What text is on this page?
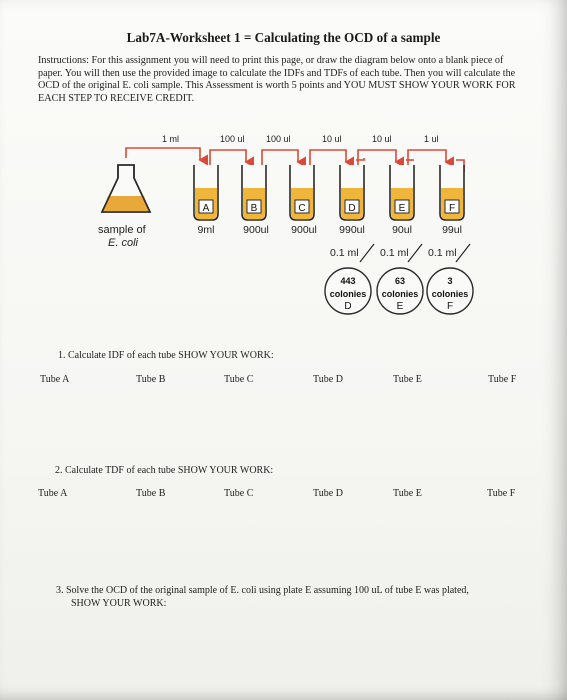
Lab7A-Worksheet 1 = Calculating the OCD of a sample
Instructions: For this assignment you will need to print this page, or draw the diagram below onto a blank piece of paper. You will then use the provided image to calculate the IDFs and TDFs of each tube. Then you will calculate the OCD of the original E. coli sample. This Assessment is worth 5 points and YOU MUST SHOW YOUR WORK FOR EACH STEP TO RECEIVE CREDIT.
1 ml	100 ul 100 ul	10 ul	10 ul	1 ul
sample of
E. coli
A	B	C	D	E	F
9ml	900ul 900ul 990ul	90ul	99ul
0.1 ml 0.1 ml 0.1 ml
443
colonies
D
63
colonies
E
3
colonies
F
1. Calculate IDF of each tube SHOW YOUR WORK:
Tube A	Tube B	Tube C	Tube D	Tube E	Tube F
2. Calculate TDF of each tube SHOW YOUR WORK:
Tube A	Tube B	Tube C	Tube D	Tube E	Tube F
3. Solve the OCD of the original sample of E. coli using plate E assuming 100 uL of tube E was plated,
SHOW YOUR WORK:
